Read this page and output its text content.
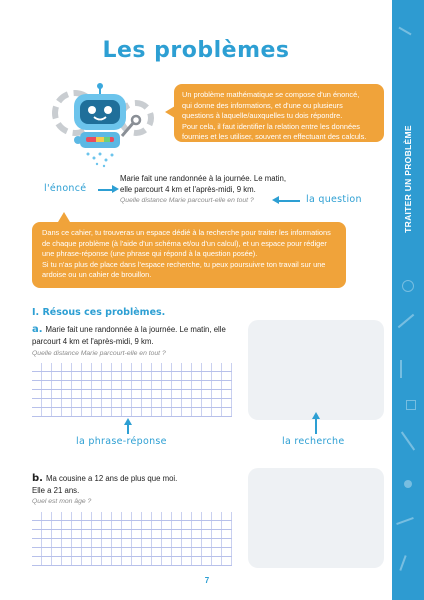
TRAITER UN PROBLÈME
Les problèmes
Un problème mathématique se compose d'un énoncé,
qui donne des informations, et d'une ou plusieurs
questions à laquelle/auxquelles tu dois répondre.
Pour cela, il faut identifier la relation entre les données
fournies et les utiliser, souvent en effectuant des calculs.
l'énoncé
Marie fait une randonnée à la journée. Le matin,
elle parcourt 4 km et l'après-midi, 9 km.
Quelle distance Marie parcourt-elle en tout ?	la question
Dans ce cahier, tu trouveras un espace dédié à la recherche pour traiter les informations
de chaque problème (à l'aide d'un schéma et/ou d'un calcul), et un espace pour rédiger
une phrase-réponse (une phrase qui répond à la question posée).
Si tu n'as plus de place dans l'espace recherche, tu peux poursuivre ton travail sur une
ardoise ou un cahier de brouillon.
I. Résous ces problèmes.
a. Marie fait une randonnée à la journée. Le matin, elle
parcourt 4 km et l'après-midi, 9 km.
Quelle distance Marie parcourt-elle en tout ?
la phrase-réponse	la recherche
b. Ma cousine a 12 ans de plus que moi.
Elle a 21 ans.
Quel est mon âge ?
7
